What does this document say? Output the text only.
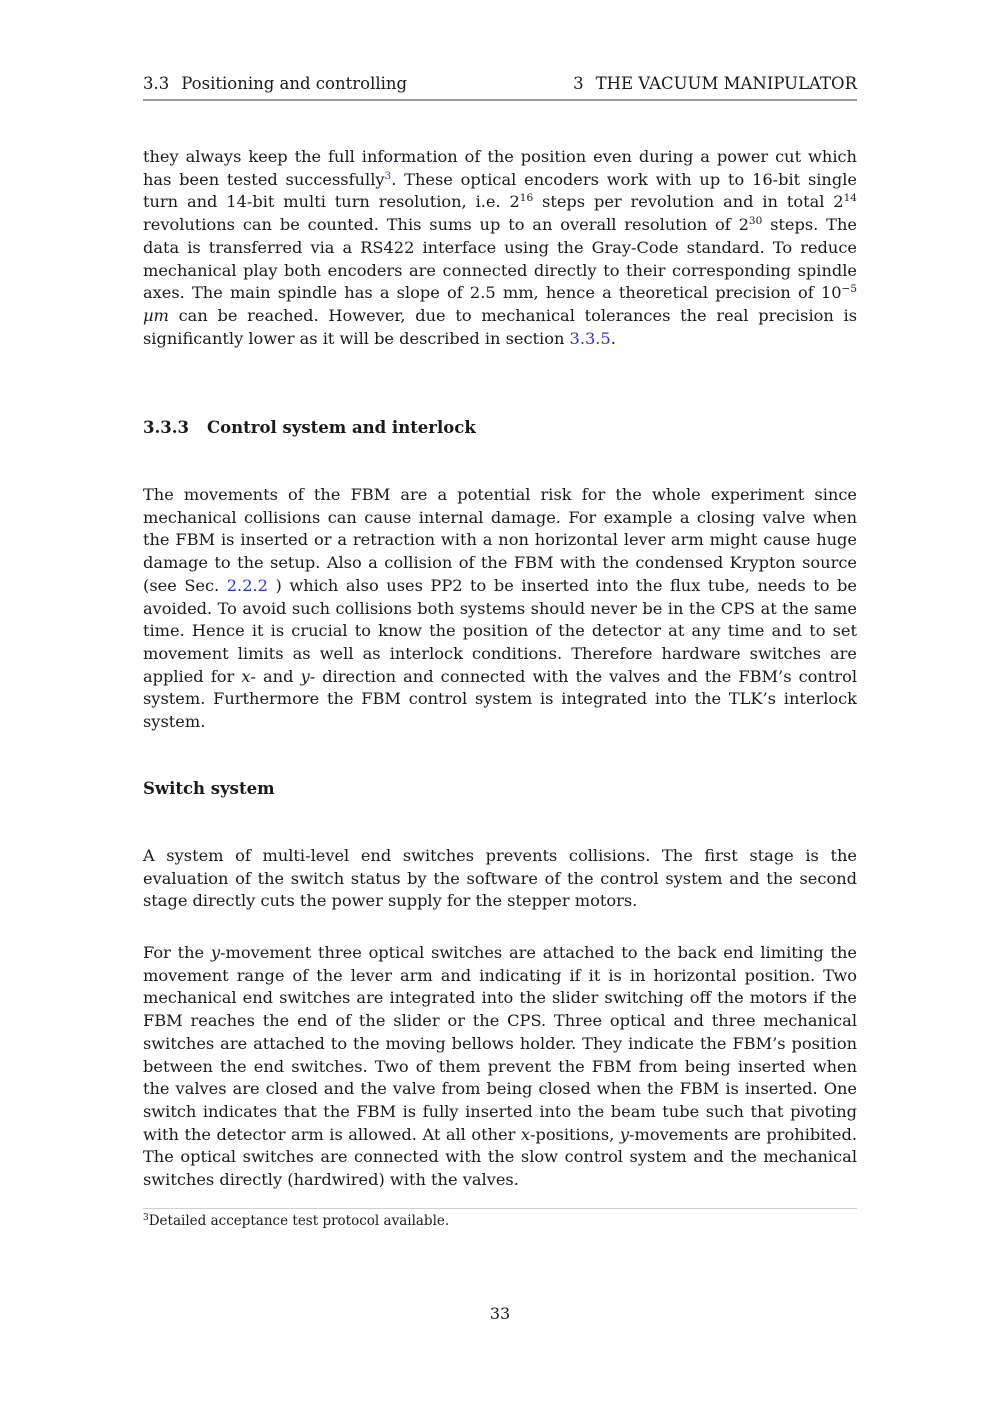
3.3 Positioning and controlling	3 THE VACUUM MANIPULATOR

they always keep the full information of the position even during a power cut which has been tested successfully$^3$. These optical encoders work with up to 16-bit single turn and 14-bit multi turn resolution, i.e. $2^{16}$ steps per revolution and in total $2^{14}$ revolutions can be counted. This sums up to an overall resolution of $2^{30}$ steps. The data is transferred via a RS422 interface using the Gray-Code standard. To reduce mechanical play both encoders are connected directly to their corresponding spindle axes. The main spindle has a slope of 2.5 mm, hence a theoretical precision of $10^{-5}$ µm can be reached. However, due to mechanical tolerances the real precision is significantly lower as it will be described in section 3.3.5.

3.3.3 Control system and interlock

The movements of the FBM are a potential risk for the whole experiment since mechanical collisions can cause internal damage. For example a closing valve when the FBM is inserted or a retraction with a non horizontal lever arm might cause huge damage to the setup. Also a collision of the FBM with the condensed Krypton source (see Sec. 2.2.2 ) which also uses PP2 to be inserted into the flux tube, needs to be avoided. To avoid such collisions both systems should never be in the CPS at the same time. Hence it is crucial to know the position of the detector at any time and to set movement limits as well as interlock conditions. Therefore hardware switches are applied for x- and y- direction and connected with the valves and the FBM’s control system. Furthermore the FBM control system is integrated into the TLK’s interlock system.

Switch system

A system of multi-level end switches prevents collisions. The first stage is the evaluation of the switch status by the software of the control system and the second stage directly cuts the power supply for the stepper motors.

For the y-movement three optical switches are attached to the back end limiting the movement range of the lever arm and indicating if it is in horizontal position. Two mechanical end switches are integrated into the slider switching off the motors if the FBM reaches the end of the slider or the CPS. Three optical and three mechanical switches are attached to the moving bellows holder. They indicate the FBM’s position between the end switches. Two of them prevent the FBM from being inserted when the valves are closed and the valve from being closed when the FBM is inserted. One switch indicates that the FBM is fully inserted into the beam tube such that pivoting with the detector arm is allowed. At all other x-positions, y-movements are prohibited. The optical switches are connected with the slow control system and the mechanical switches directly (hardwired) with the valves.

$^3$Detailed acceptance test protocol available.
33
